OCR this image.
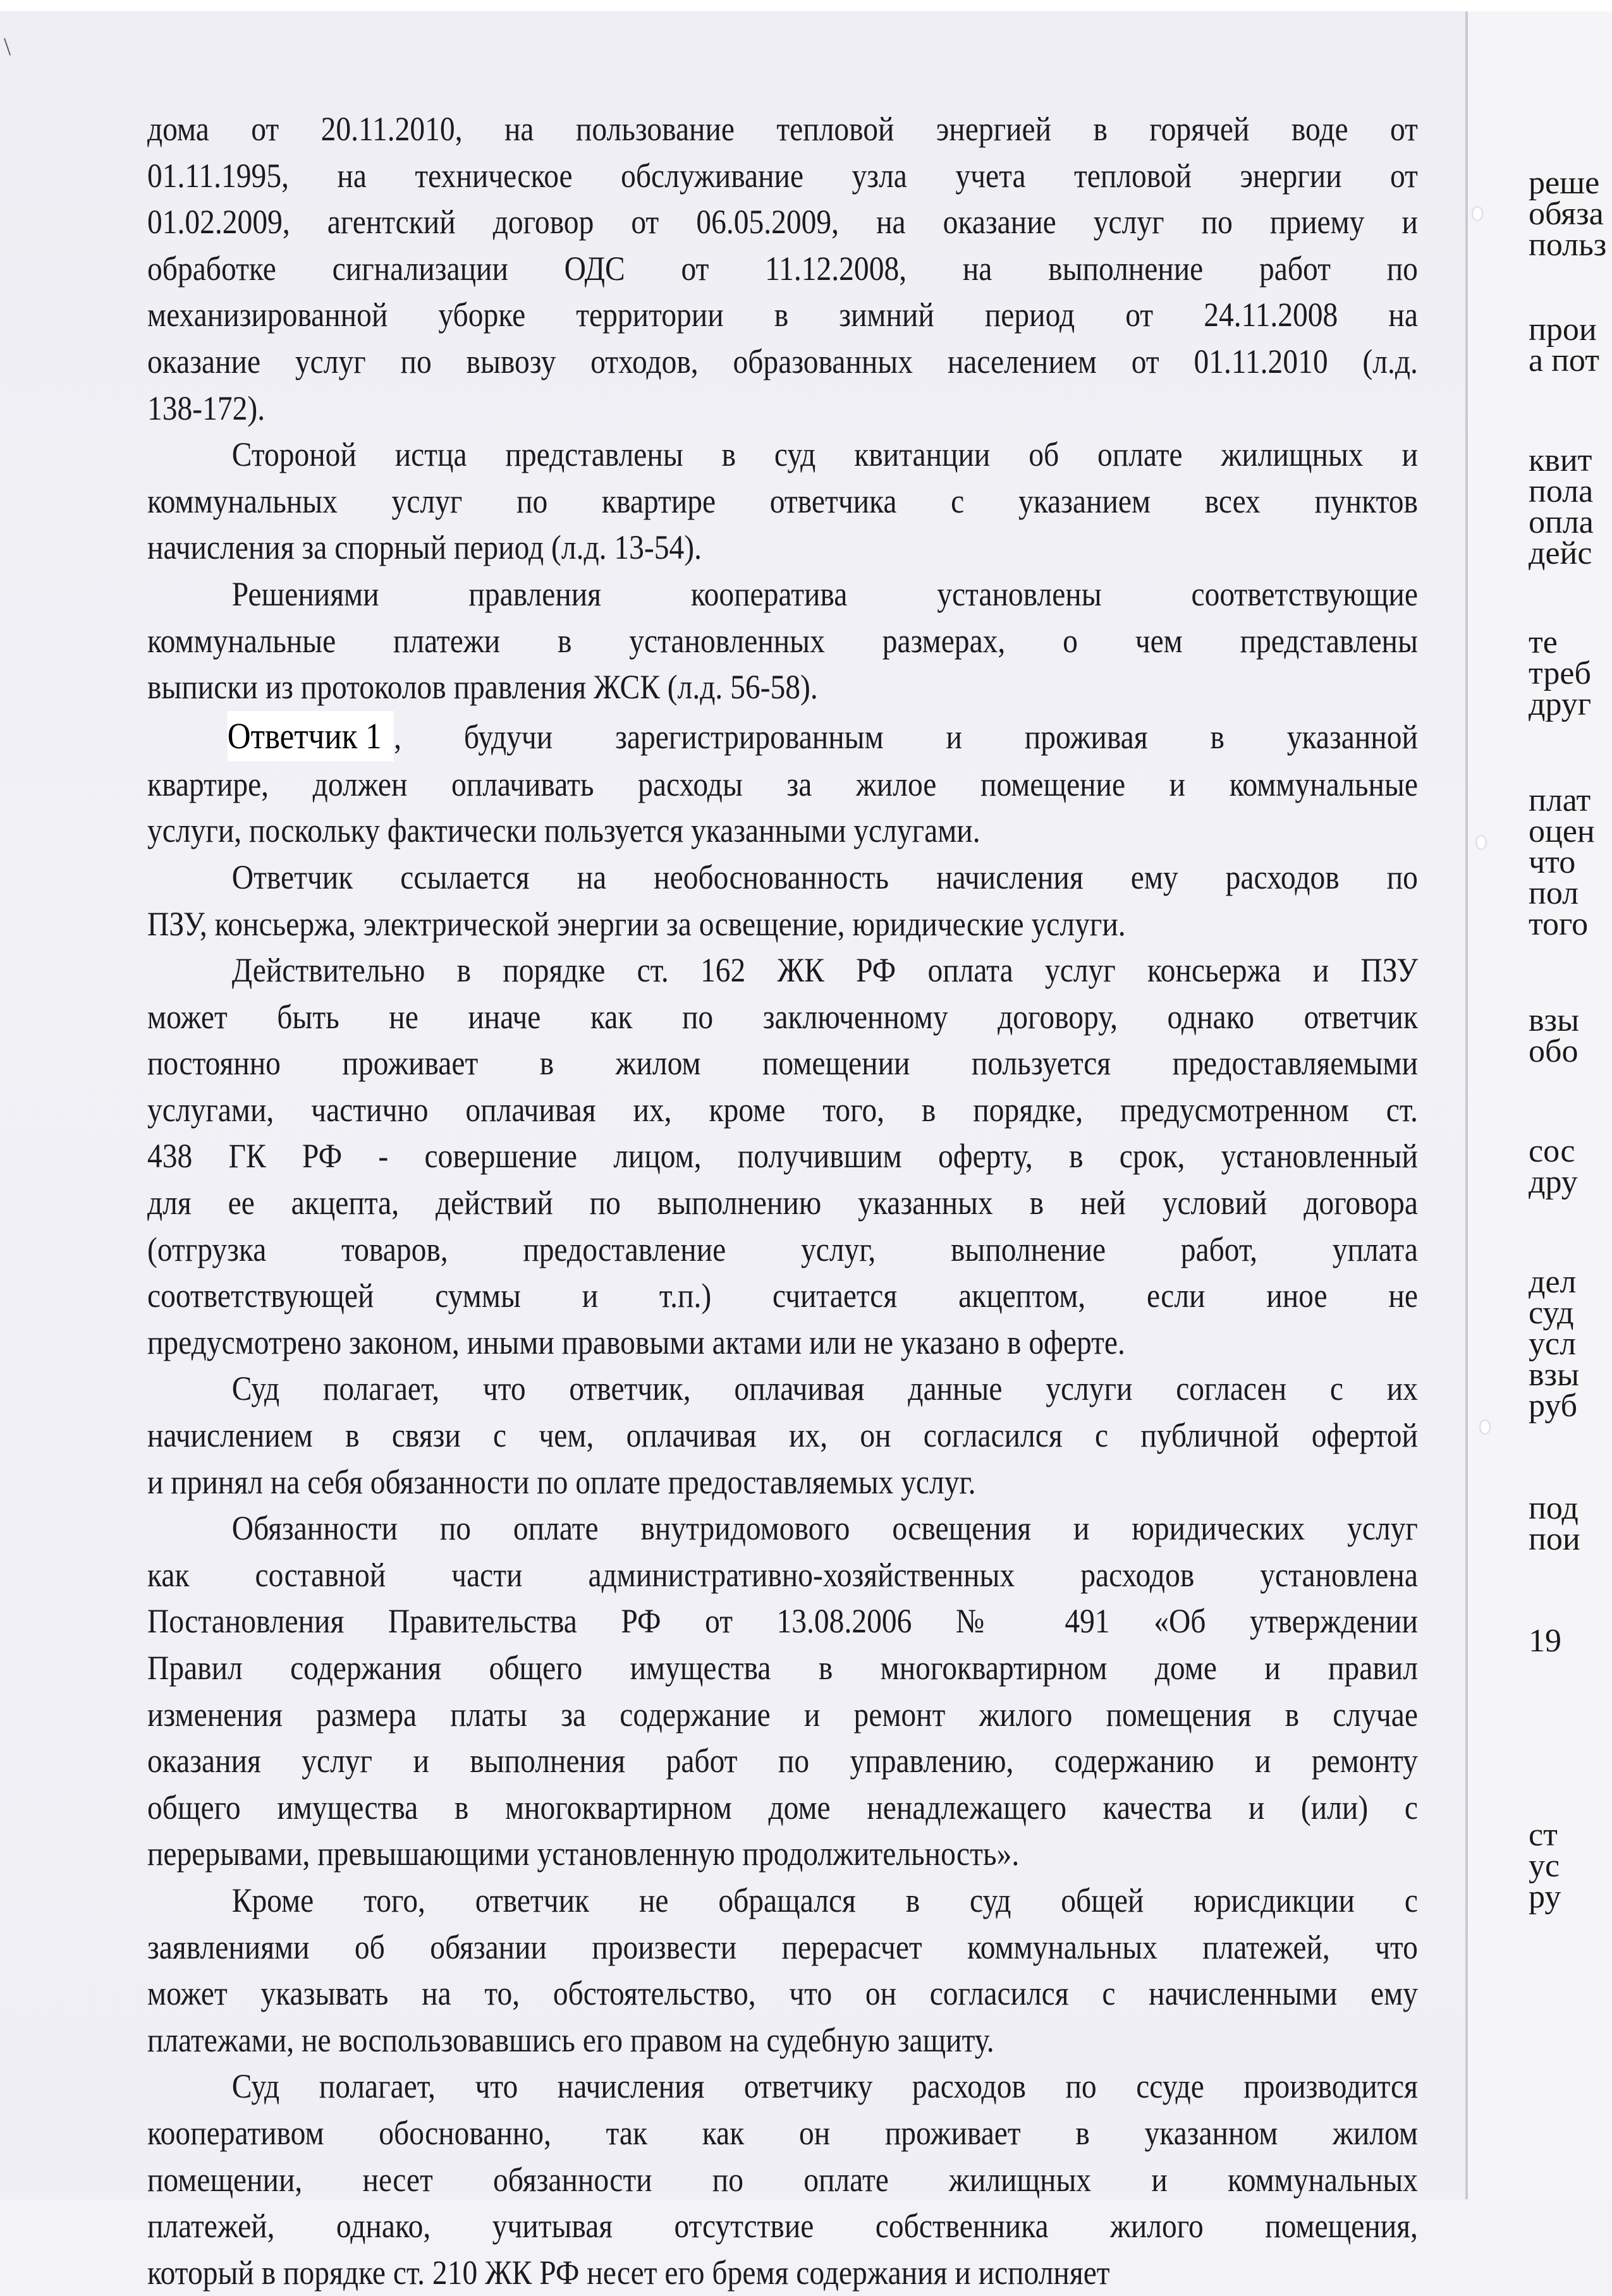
\
дома от 20.11.2010, на пользование тепловой энергией в горячей воде от
01.11.1995, на техническое обслуживание узла учета тепловой энергии от
01.02.2009, агентский договор от 06.05.2009, на оказание услуг по приему и
обработке сигнализации ОДС от 11.12.2008, на выполнение работ по
механизированной уборке территории в зимний период от 24.11.2008 на
оказание услуг по вывозу отходов, образованных населением от 01.11.2010 (л.д.
138-172).
Стороной истца представлены в суд квитанции об оплате жилищных и
коммунальных услуг по квартире ответчика с указанием всех пунктов
начисления за спорный период (л.д. 13-54).
Решениями правления кооператива установлены соответствующие
коммунальные платежи в установленных размерах, о чем представлены
выписки из протоколов правления ЖСК (л.д. 56-58).
Ответчик 1 , будучи зарегистрированным и проживая в указанной
квартире, должен оплачивать расходы за жилое помещение и коммунальные
услуги, поскольку фактически пользуется указанными услугами.
Ответчик ссылается на необоснованность начисления ему расходов по
ПЗУ, консьержа, электрической энергии за освещение, юридические услуги.
Действительно в порядке ст. 162 ЖК РФ оплата услуг консьержа и ПЗУ
может быть не иначе как по заключенному договору, однако ответчик
постоянно проживает в жилом помещении пользуется предоставляемыми
услугами, частично оплачивая их, кроме того, в порядке, предусмотренном ст.
438 ГК РФ - совершение лицом, получившим оферту, в срок, установленный
для ее акцепта, действий по выполнению указанных в ней условий договора
(отгрузка товаров, предоставление услуг, выполнение работ, уплата
соответствующей суммы и т.п.) считается акцептом, если иное не
предусмотрено законом, иными правовыми актами или не указано в оферте.
Суд полагает, что ответчик, оплачивая данные услуги согласен с их
начислением в связи с чем, оплачивая их, он согласился с публичной офертой
и принял на себя обязанности по оплате предоставляемых услуг.
Обязанности по оплате внутридомового освещения и юридических услуг
как составной части административно-хозяйственных расходов установлена
Постановления Правительства РФ от 13.08.2006 № 491 «Об утверждении
Правил содержания общего имущества в многоквартирном доме и правил
изменения размера платы за содержание и ремонт жилого помещения в случае
оказания услуг и выполнения работ по управлению, содержанию и ремонту
общего имущества в многоквартирном доме ненадлежащего качества и (или) с
перерывами, превышающими установленную продолжительность».
Кроме того, ответчик не обращался в суд общей юрисдикции с
заявлениями об обязании произвести перерасчет коммунальных платежей, что
может указывать на то, обстоятельство, что он согласился с начисленными ему
платежами, не воспользовавшись его правом на судебную защиту.
Суд полагает, что начисления ответчику расходов по ссуде производится
кооперативом обоснованно, так как он проживает в указанном жилом
помещении, несет обязанности по оплате жилищных и коммунальных
платежей, однако, учитывая отсутствие собственника жилого помещения,
который в порядке ст. 210 ЖК РФ несет его бремя содержания и исполняет
реше
обяза
польз
прои
а пот
квит
пола
опла
дейс
те
треб
друг
плат
оцен
что
пол
того
взы
обо
сос
дру
дел
суд
усл
взы
руб
под
пои
19
ст
ус
ру
